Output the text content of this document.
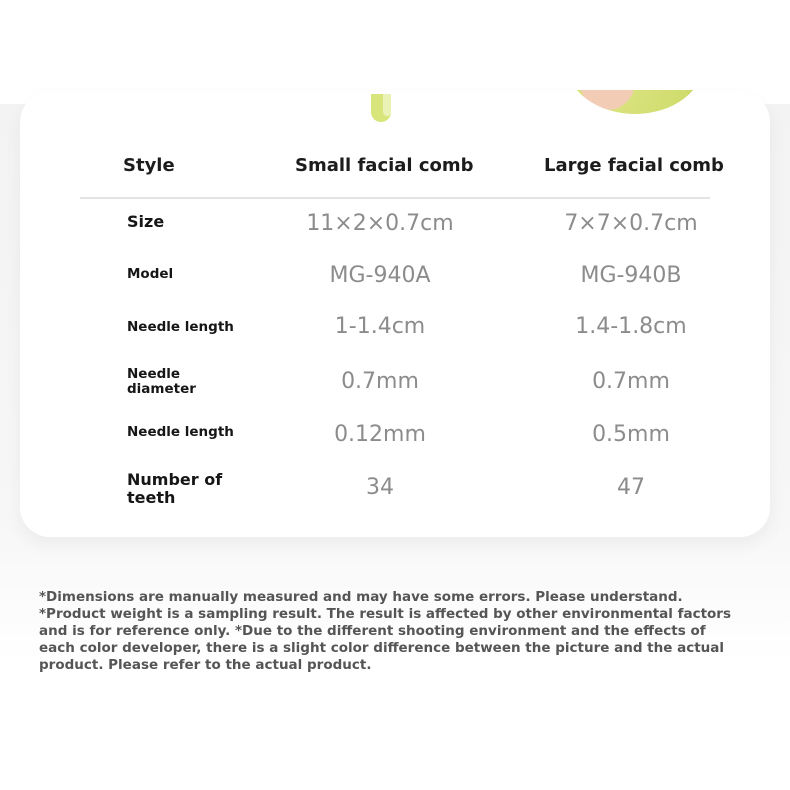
Style	Small facial comb	Large facial comb
Size	11×2×0.7cm	7×7×0.7cm
Model	MG-940A	MG-940B
Needle length	1-1.4cm	1.4-1.8cm
Needle diameter	0.7mm	0.7mm
Needle length	0.12mm	0.5mm
Number of teeth	34	47
*Dimensions are manually measured and may have some errors. Please understand. *Product weight is a sampling result. The result is affected by other environmental factors and is for reference only. *Due to the different shooting environment and the effects of each color developer, there is a slight color difference between the picture and the actual product. Please refer to the actual product.
